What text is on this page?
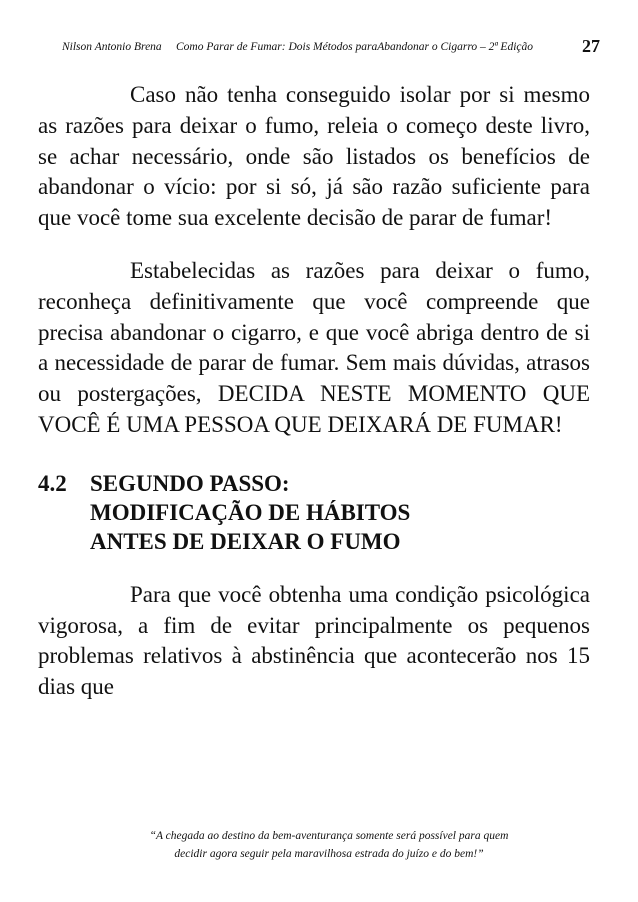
Nilson Antonio Brena Como Parar de Fumar: Dois Métodos paraAbandonar o Cigarro – 2ª Edição	27

Caso não tenha conseguido isolar por si mesmo as razões para deixar o fumo, releia o começo deste livro, se achar necessário, onde são listados os benefícios de abandonar o vício: por si só, já são razão suficiente para que você tome sua excelente decisão de parar de fumar!

Estabelecidas as razões para deixar o fumo, reconheça definitivamente que você compreende que precisa abandonar o cigarro, e que você abriga dentro de si a necessidade de parar de fumar. Sem mais dúvidas, atrasos ou postergações, DECIDA NESTE MOMENTO QUE VOCÊ É UMA PESSOA QUE DEIXARÁ DE FUMAR!

4.2	SEGUNDO PASSO:
MODIFICAÇÃO DE HÁBITOS
ANTES DE DEIXAR O FUMO

Para que você obtenha uma condição psicológica vigorosa, a fim de evitar principalmente os pequenos problemas relativos à abstinência que acontecerão nos 15 dias que

“A chegada ao destino da bem-aventurança somente será possível para quem
decidir agora seguir pela maravilhosa estrada do juízo e do bem!”
